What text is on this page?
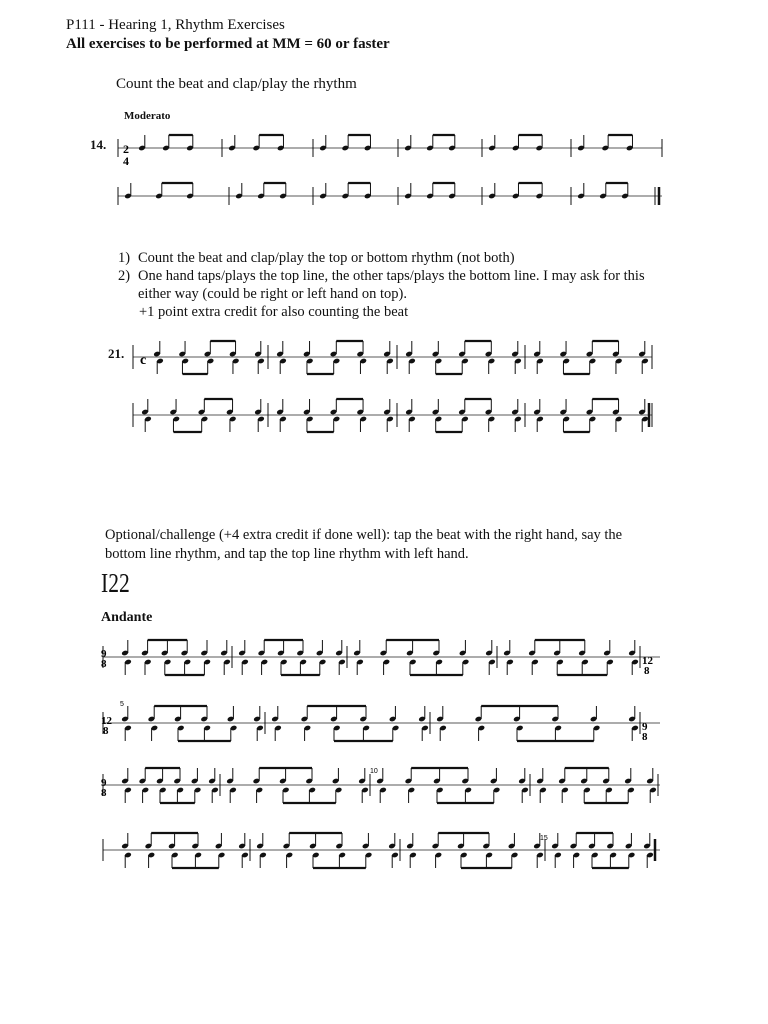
P111 - Hearing 1, Rhythm Exercises
All exercises to be performed at MM = 60 or faster
Count the beat and clap/play the rhythm
Moderato
14. 2
4
1) Count the beat and clap/play the top or bottom rhythm (not both)
2) One hand taps/plays the top line, the other taps/plays the bottom line. I may ask for this either way (could be right or left hand on top).
+1 point extra credit for also counting the beat
21. c
Optional/challenge (+4 extra credit if done well): tap the beat with the right hand, say the bottom line rhythm, and tap the top line rhythm with left hand.
I22
Andante
9
8	12
8
12
8	9
8
9
8
5
10
15
